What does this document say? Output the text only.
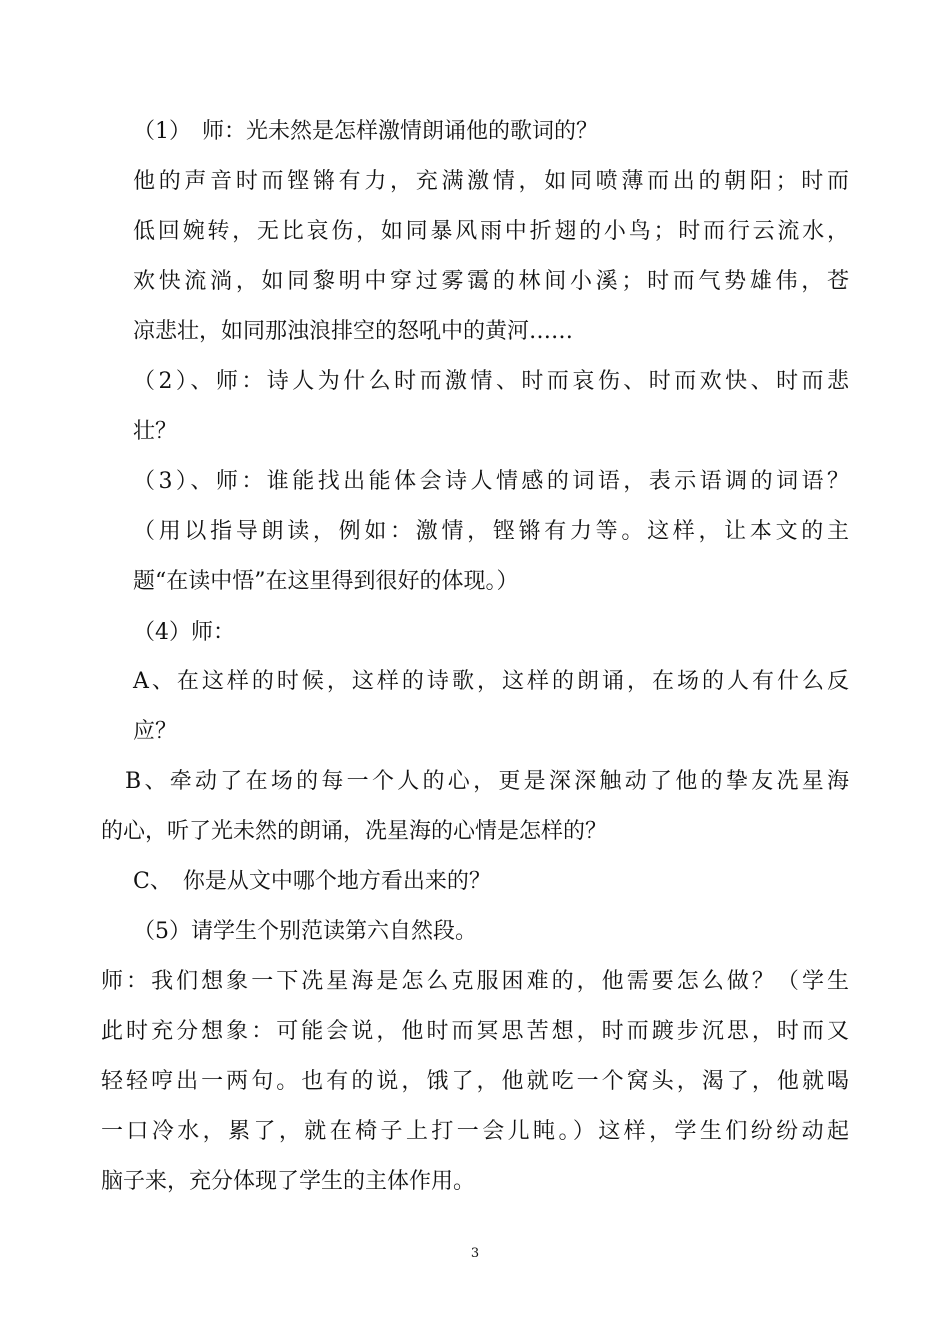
（1）　师：光未然是怎样激情朗诵他的歌词的？
他的声音时而铿锵有力，充满激情，如同喷薄而出的朝阳；时而
低回婉转，无比哀伤，如同暴风雨中折翅的小鸟；时而行云流水，
欢快流淌，如同黎明中穿过雾霭的林间小溪；时而气势雄伟，苍
凉悲壮，如同那浊浪排空的怒吼中的黄河……
（2）、师：诗人为什么时而激情、时而哀伤、时而欢快、时而悲
壮？
（3）、师：谁能找出能体会诗人情感的词语，表示语调的词语？
（用以指导朗读，例如：激情，铿锵有力等。这样，让本文的主
题“在读中悟”在这里得到很好的体现。）
（4）师：
A、在这样的时候，这样的诗歌，这样的朗诵，在场的人有什么反
应？
B、牵动了在场的每一个人的心，更是深深触动了他的挚友冼星海
的心，听了光未然的朗诵，冼星海的心情是怎样的？
C、　你是从文中哪个地方看出来的？
（5）请学生个别范读第六自然段。
师：我们想象一下冼星海是怎么克服困难的，他需要怎么做？（学生
此时充分想象：可能会说，他时而冥思苦想，时而踱步沉思，时而又
轻轻哼出一两句。也有的说，饿了，他就吃一个窝头，渴了，他就喝
一口冷水，累了，就在椅子上打一会儿盹。）这样，学生们纷纷动起
脑子来，充分体现了学生的主体作用。
3
